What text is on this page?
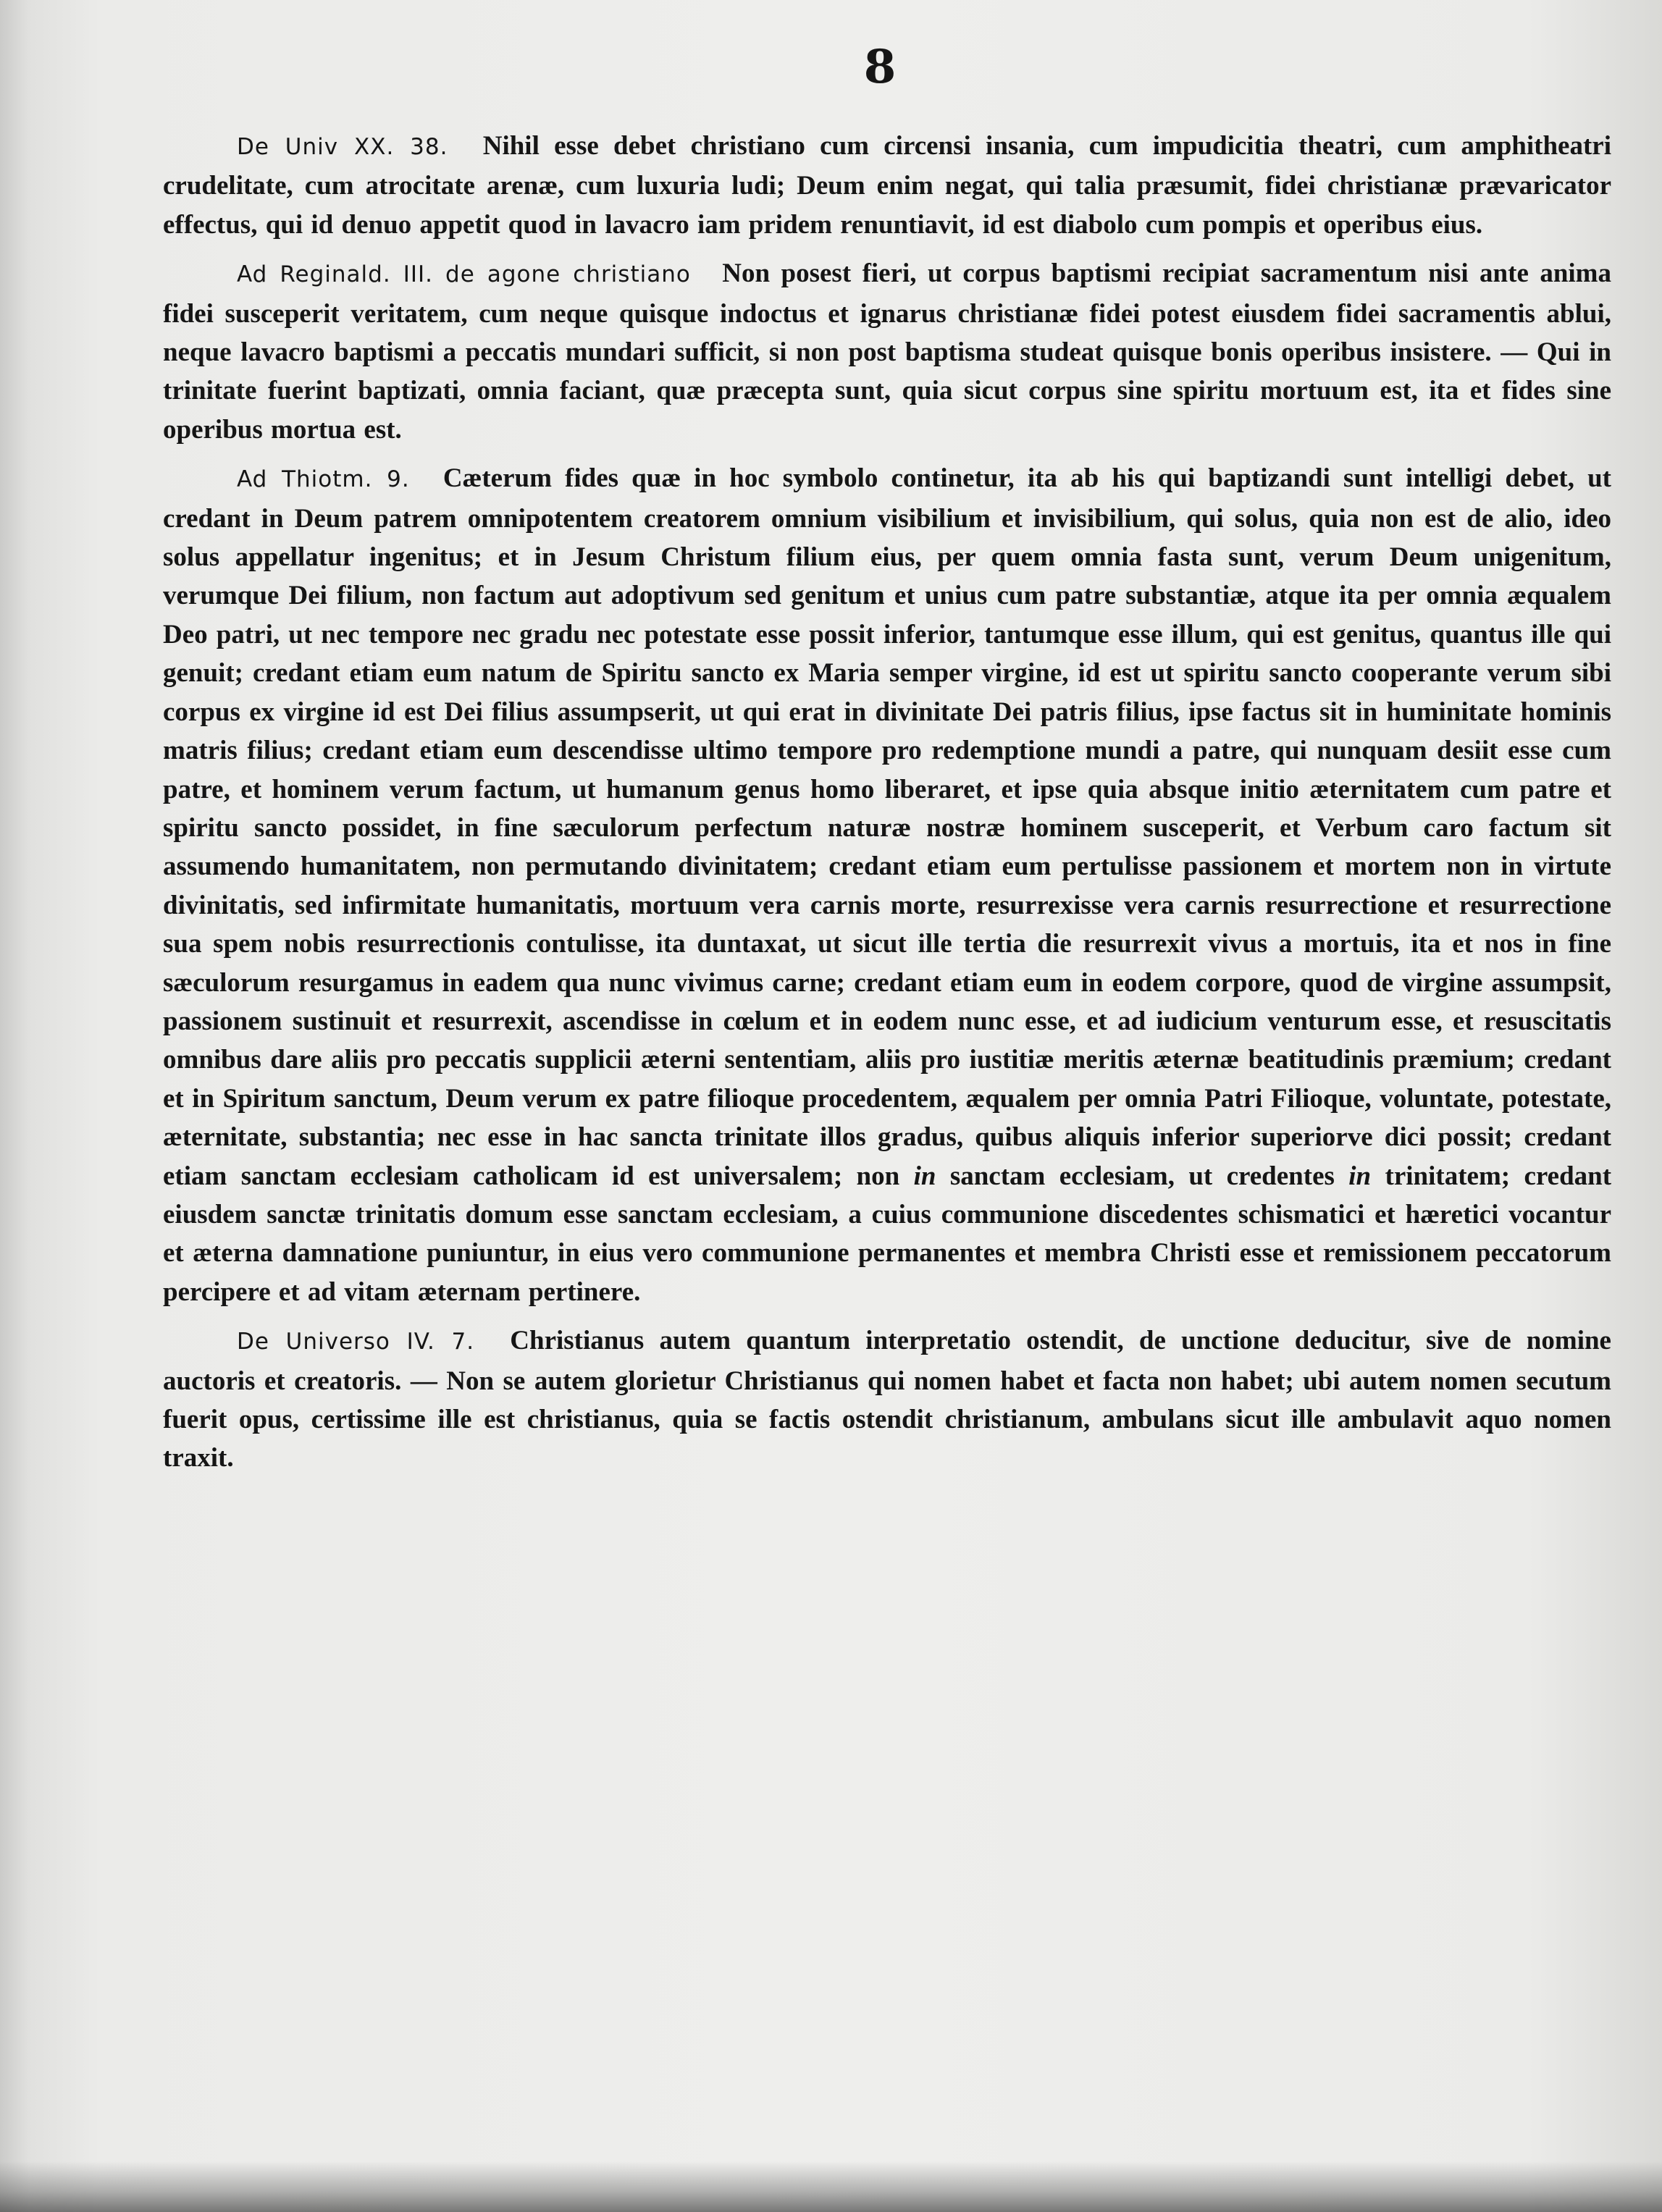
8

De Univ XX. 38. Nihil esse debet christiano cum circensi insania, cum impudicitia theatri, cum amphitheatri crudelitate, cum atrocitate arenæ, cum luxuria ludi; Deum enim negat, qui talia præsumit, fidei christianæ prævaricator effectus, qui id denuo appetit quod in lavacro iam pridem renuntiavit, id est diabolo cum pompis et operibus eius.

Ad Reginald. III. de agone christiano Non posest fieri, ut corpus baptismi recipiat sacramentum nisi ante anima fidei susceperit veritatem, cum neque quisque indoctus et ignarus christianæ fidei potest eiusdem fidei sacramentis ablui, neque lavacro baptismi a peccatis mundari sufficit, si non post baptisma studeat quisque bonis operibus insistere. — Qui in trinitate fuerint baptizati, omnia faciant, quæ præcepta sunt, quia sicut corpus sine spiritu mortuum est, ita et fides sine operibus mortua est.

Ad Thiotm. 9. Cæterum fides quæ in hoc symbolo continetur, ita ab his qui baptizandi sunt intelligi debet, ut credant in Deum patrem omnipotentem creatorem omnium visibilium et invisibilium, qui solus, quia non est de alio, ideo solus appellatur ingenitus; et in Jesum Christum filium eius, per quem omnia fasta sunt, verum Deum unigenitum, verumque Dei filium, non factum aut adoptivum sed genitum et unius cum patre substantiæ, atque ita per omnia æqualem Deo patri, ut nec tempore nec gradu nec potestate esse possit inferior, tantumque esse illum, qui est genitus, quantus ille qui genuit; credant etiam eum natum de Spiritu sancto ex Maria semper virgine, id est ut spiritu sancto cooperante verum sibi corpus ex virgine id est Dei filius assumpserit, ut qui erat in divinitate Dei patris filius, ipse factus sit in huminitate hominis matris filius; credant etiam eum descendisse ultimo tempore pro redemptione mundi a patre, qui nunquam desiit esse cum patre, et hominem verum factum, ut humanum genus homo liberaret, et ipse quia absque initio æternitatem cum patre et spiritu sancto possidet, in fine sæculorum perfectum naturæ nostræ hominem susceperit, et Verbum caro factum sit assumendo humanitatem, non permutando divinitatem; credant etiam eum pertulisse passionem et mortem non in virtute divinitatis, sed infirmitate humanitatis, mortuum vera carnis morte, resurrexisse vera carnis resurrectione et resurrectione sua spem nobis resurrectionis contulisse, ita duntaxat, ut sicut ille tertia die resurrexit vivus a mortuis, ita et nos in fine sæculorum resurgamus in eadem qua nunc vivimus carne; credant etiam eum in eodem corpore, quod de virgine assumpsit, passionem sustinuit et resurrexit, ascendisse in cœlum et in eodem nunc esse, et ad iudicium venturum esse, et resuscitatis omnibus dare aliis pro peccatis supplicii æterni sententiam, aliis pro iustitiæ meritis æternæ beatitudinis præmium; credant et in Spiritum sanctum, Deum verum ex patre filioque procedentem, æqualem per omnia Patri Filioque, voluntate, potestate, æternitate, substantia; nec esse in hac sancta trinitate illos gradus, quibus aliquis inferior superiorve dici possit; credant etiam sanctam ecclesiam catholicam id est universalem; non in sanctam ecclesiam, ut credentes in trinitatem; credant eiusdem sanctæ trinitatis domum esse sanctam ecclesiam, a cuius communione discedentes schismatici et hæretici vocantur et æterna damnatione puniuntur, in eius vero communione permanentes et membra Christi esse et remissionem peccatorum percipere et ad vitam æternam pertinere.

De Universo IV. 7. Christianus autem quantum interpretatio ostendit, de unctione deducitur, sive de nomine auctoris et creatoris. — Non se autem glorietur Christianus qui nomen habet et facta non habet; ubi autem nomen secutum fuerit opus, certissime ille est christianus, quia se factis ostendit christianum, ambulans sicut ille ambulavit aquo nomen traxit.
